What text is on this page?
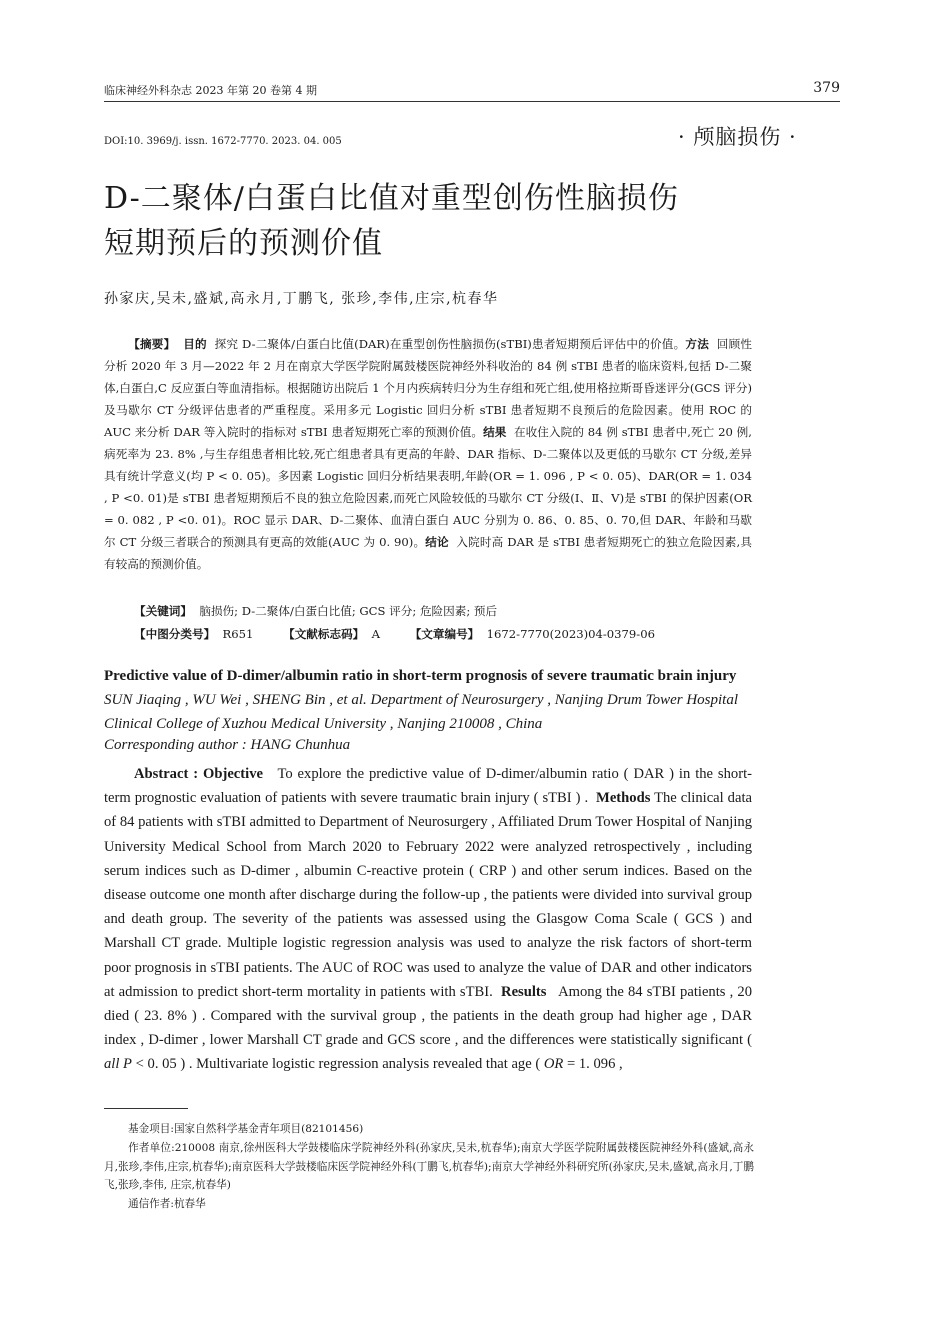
临床神经外科杂志 2023 年第 20 卷第 4 期	379
DOI:10. 3969/j. issn. 1672-7770. 2023. 04. 005	· 颅脑损伤 ·
D-二聚体/白蛋白比值对重型创伤性脑损伤
短期预后的预测价值
孙家庆,吴未,盛斌,高永月,丁鹏飞, 张珍,李伟,庄宗,杭春华
【摘要】 目的 探究 D-二聚体/白蛋白比值(DAR)在重型创伤性脑损伤(sTBI)患者短期预后评估中的价值。方法 回顾性分析 2020 年 3 月—2022 年 2 月在南京大学医学院附属鼓楼医院神经外科收治的 84 例 sTBI 患者的临床资料,包括 D-二聚体,白蛋白,C 反应蛋白等血清指标。根据随访出院后 1 个月内疾病转归分为生存组和死亡组,使用格拉斯哥昏迷评分(GCS 评分)及马歇尔 CT 分级评估患者的严重程度。采用多元 Logistic 回归分析 sTBI 患者短期不良预后的危险因素。使用 ROC 的 AUC 来分析 DAR 等入院时的指标对 sTBI 患者短期死亡率的预测价值。结果 在收住入院的 84 例 sTBI 患者中,死亡 20 例,病死率为 23. 8% ,与生存组患者相比较,死亡组患者具有更高的年龄、DAR 指标、D-二聚体以及更低的马歇尔 CT 分级,差异具有统计学意义(均 P < 0. 05)。多因素 Logistic 回归分析结果表明,年龄(OR = 1. 096 , P < 0. 05)、DAR(OR = 1. 034 , P <0. 01)是 sTBI 患者短期预后不良的独立危险因素,而死亡风险较低的马歇尔 CT 分级(Ⅰ、Ⅱ、Ⅴ)是 sTBI 的保护因素(OR = 0. 082 , P <0. 01)。ROC 显示 DAR、D-二聚体、血清白蛋白 AUC 分别为 0. 86、0. 85、0. 70,但 DAR、年龄和马歇尔 CT 分级三者联合的预测具有更高的效能(AUC 为 0. 90)。结论 入院时高 DAR 是 sTBI 患者短期死亡的独立危险因素,具有较高的预测价值。
【关键词】 脑损伤; D-二聚体/白蛋白比值; GCS 评分; 危险因素; 预后
【中图分类号】 R651	【文献标志码】 A	【文章编号】 1672-7770(2023)04-0379-06
Predictive value of D-dimer/albumin ratio in short-term prognosis of severe traumatic brain injury SUN Jiaqing , WU Wei , SHENG Bin , et al. Department of Neurosurgery , Nanjing Drum Tower Hospital Clinical College of Xuzhou Medical University , Nanjing 210008 , China
Corresponding author : HANG Chunhua
Abstract : Objective To explore the predictive value of D-dimer/albumin ratio ( DAR ) in the short-term prognostic evaluation of patients with severe traumatic brain injury ( sTBI ) . Methods The clinical data of 84 patients with sTBI admitted to Department of Neurosurgery , Affiliated Drum Tower Hospital of Nanjing University Medical School from March 2020 to February 2022 were analyzed retrospectively , including serum indices such as D-dimer , albumin C-reactive protein ( CRP ) and other serum indices. Based on the disease outcome one month after discharge during the follow-up , the patients were divided into survival group and death group. The severity of the patients was assessed using the Glasgow Coma Scale ( GCS ) and Marshall CT grade. Multiple logistic regression analysis was used to analyze the risk factors of short-term poor prognosis in sTBI patients. The AUC of ROC was used to analyze the value of DAR and other indicators at admission to predict short-term mortality in patients with sTBI. Results Among the 84 sTBI patients , 20 died ( 23. 8% ) . Compared with the survival group , the patients in the death group had higher age , DAR index , D-dimer , lower Marshall CT grade and GCS score , and the differences were statistically significant ( all P < 0. 05 ) . Multivariate logistic regression analysis revealed that age ( OR = 1. 096 ,
基金项目:国家自然科学基金青年项目(82101456)
作者单位:210008 南京,徐州医科大学鼓楼临床学院神经外科(孙家庆,吴未,杭春华);南京大学医学院附属鼓楼医院神经外科(盛斌,高永月,张珍,李伟,庄宗,杭春华);南京医科大学鼓楼临床医学院神经外科(丁鹏飞,杭春华);南京大学神经外科研究所(孙家庆,吴未,盛斌,高永月,丁鹏飞,张珍,李伟, 庄宗,杭春华)
通信作者:杭春华
